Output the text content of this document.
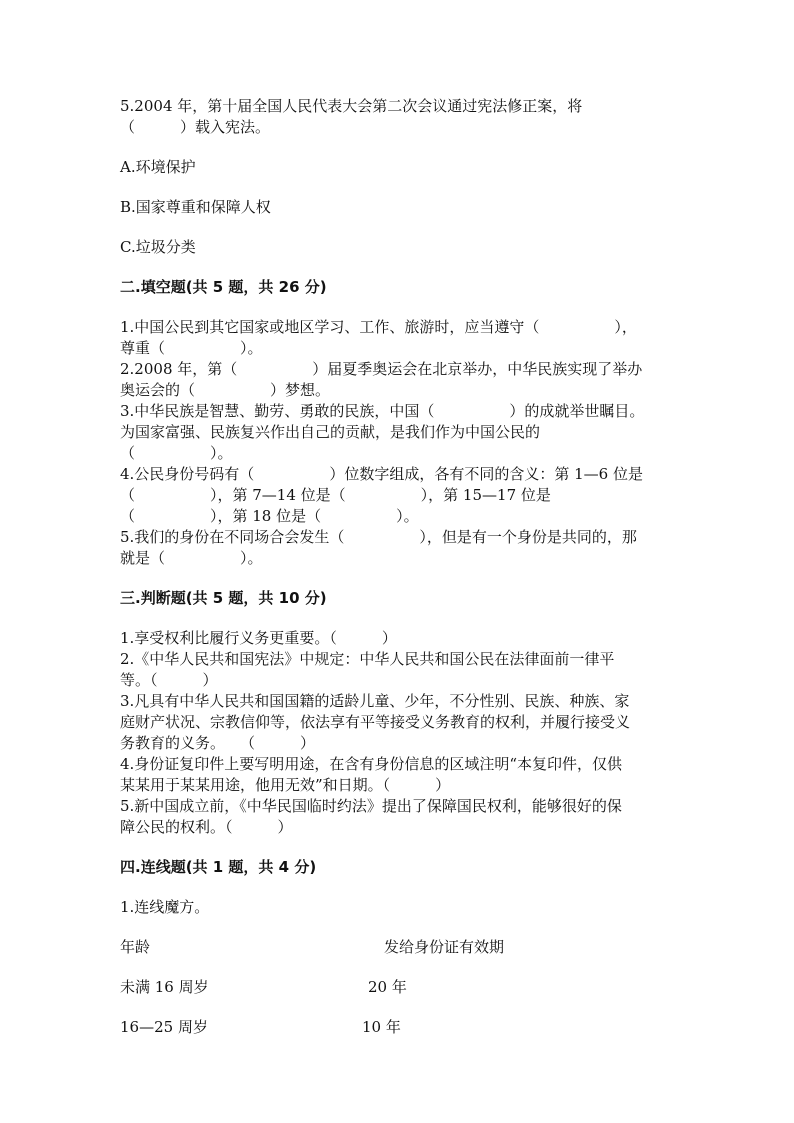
5.2004 年，第十届全国人民代表大会第二次会议通过宪法修正案，将
（　　　）载入宪法。
A.环境保护
B.国家尊重和保障人权
C.垃圾分类
二.填空题(共 5 题，共 26 分)
1.中国公民到其它国家或地区学习、工作、旅游时，应当遵守（　　　　　），
尊重（　　　　　）。
2.2008 年，第（　　　　　）届夏季奥运会在北京举办，中华民族实现了举办
奥运会的（　　　　　）梦想。
3.中华民族是智慧、勤劳、勇敢的民族，中国（　　　　　）的成就举世瞩目。
为国家富强、民族复兴作出自己的贡献，是我们作为中国公民的
（　　　　　）。
4.公民身份号码有（　　　　　）位数字组成，各有不同的含义：第 1—6 位是
（　　　　　），第 7—14 位是（　　　　　），第 15—17 位是
（　　　　　），第 18 位是（　　　　　）。
5.我们的身份在不同场合会发生（　　　　　），但是有一个身份是共同的，那
就是（　　　　　）。
三.判断题(共 5 题，共 10 分)
1.享受权利比履行义务更重要。（　　　）
2.《中华人民共和国宪法》中规定：中华人民共和国公民在法律面前一律平
等。（　　　）
3.凡具有中华人民共和国国籍的适龄儿童、少年，不分性别、民族、种族、家
庭财产状况、宗教信仰等，依法享有平等接受义务教育的权利，并履行接受义
务教育的义务。　　（　　　）
4.身份证复印件上要写明用途，在含有身份信息的区域注明“本复印件，仅供
某某用于某某用途，他用无效”和日期。（　　　）
5.新中国成立前，《中华民国临时约法》提出了保障国民权利，能够很好的保
障公民的权利。（　　　）
四.连线题(共 1 题，共 4 分)
1.连线魔方。
年龄	发给身份证有效期
未满 16 周岁	20 年
16—25 周岁	10 年
